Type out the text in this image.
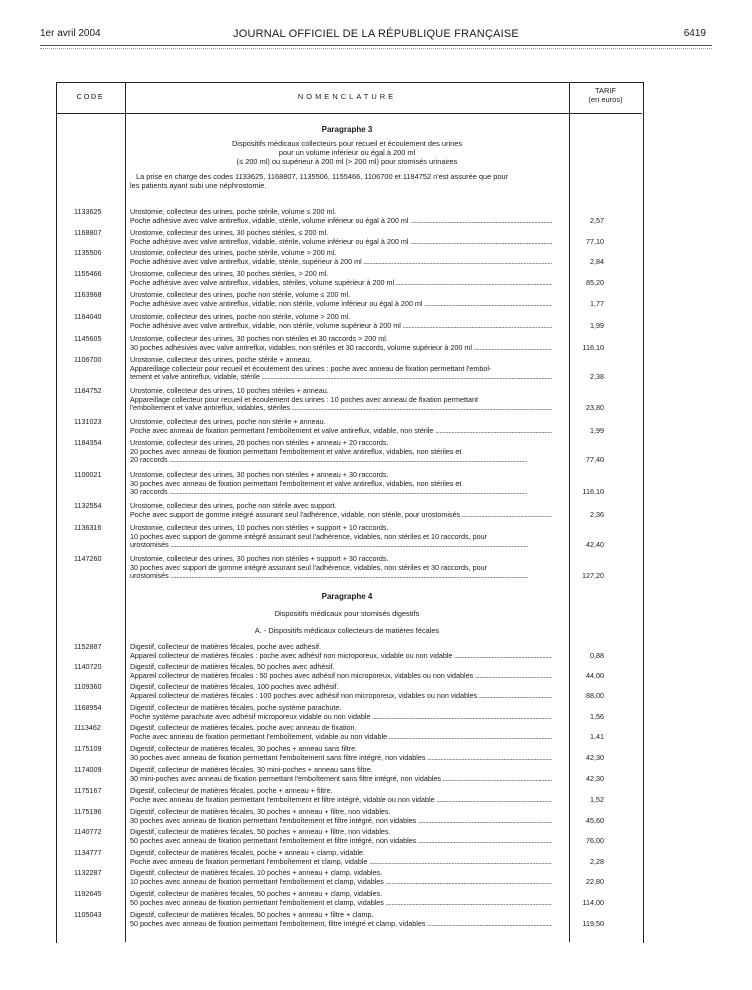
1er avril 2004	JOURNAL OFFICIEL DE LA RÉPUBLIQUE FRANÇAISE	6419
CODE	NOMENCLATURE
TARIF
(en euros)
Paragraphe 3
Dispositifs médicaux collecteurs pour recueil et écoulement des urines
pour un volume inférieur ou égal à 200 ml
(≤ 200 ml) ou supérieur à 200 ml (> 200 ml) pour stomisés urinaires
La prise en charge des codes 1133625, 1168807, 1135506, 1155466, 1106700 et 1184752 n'est assurée que pour
les patients ayant subi une néphrostomie.
Paragraphe 4
Dispositifs médicaux pour stomisés digestifs
A. - Dispositifs médicaux collecteurs de matières fécales
1133625	Urostomie, collecteur des urines, poche stérile, volume ≤ 200 ml.
Poche adhésive avec valve antireflux, vidable, stérile, volume inférieur ou égal à 200 ml .....	2,57
1168807	Urostomie, collecteur des urines, 30 poches stériles, ≤ 200 ml.
Poche adhésive avec valve antireflux, vidable, stérile, volume inférieur ou égal à 200 ml .....	77,10
1135506	Urostomie, collecteur des urines, poche stérile, volume > 200 ml.
Poche adhésive avec valve antireflux, vidable, stérile, supérieur à 200 ml .....	2,84
1155466	Urostomie, collecteur des urines, 30 poches stériles, > 200 ml.
Poche adhésive avec valve antireflux, vidables, stériles, volume supérieur à 200 ml .....	85,20
1163968	Urostomie, collecteur des urines, poche non stérile, volume ≤ 200 ml.
Poche adhésive avec valve antireflux, vidable, non stérile, volume inférieur ou égal à 200 ml .....	1,77
1164040	Urostomie, collecteur des urines, poche non stérile, volume > 200 ml.
Poche adhésive avec valve antireflux, vidable, non stérile, volume supérieur à 200 ml .....	1,99
1145605	Urostomie, collecteur des urines, 30 poches non stériles et 30 raccords > 200 ml.
30 poches adhésives avec valve antireflux, vidables, non stériles et 30 raccords, volume supérieur à 200 ml .....	116,10
1106700	Urostomie, collecteur des urines, poche stérile + anneau.
Appareillage collecteur pour recueil et écoulement des urines : poche avec anneau de fixation permettant l'embol-
tement et valve antireflux, vidable, stérile .....	2,38
1184752	Urostomie, collecteur des urines, 10 poches stériles + anneau.
Appareillage collecteur pour recueil et écoulement des urines : 10 poches avec anneau de fixation permettant
l'emboîtement et valve antireflux, vidables, stériles .....	23,80
1131023	Urostomie, collecteur des urines, poche non stérile + anneau.
Poche avec anneau de fixation permettant l'emboîtement et valve antireflux, vidable, non stérile .....	1,99
1184354	Urostomie, collecteur des urines, 20 poches non stériles + anneau + 20 raccords.
20 poches avec anneau de fixation permettant l'emboîtement et valve antireflux, vidables, non stériles et
20 raccords .....	77,40
1100021	Urostomie, collecteur des urines, 30 poches non stériles + anneau + 30 raccords.
30 poches avec anneau de fixation permettant l'emboîtement et valve antireflux, vidables, non stériles et
30 raccords .....	116,10
1132554	Urostomie, collecteur des urines, poche non stérile avec support.
Poche avec support de gomme intégré assurant seul l'adhérence, vidable, non stérile, pour urostomisés .....	2,36
1136316	Urostomie, collecteur des urines, 10 poches non stériles + support + 10 raccords.
10 poches avec support de gomme intégré assurant seul l'adhérence, vidables, non stériles et 10 raccords, pour
urostomisés .....	42,40
1147260	Urostomie, collecteur des urines, 30 poches non stériles + support + 30 raccords.
30 poches avec support de gomme intégré assurant seul l'adhérence, vidables, non stériles et 30 raccords, pour
urostomisés .....	127,20
1152887	Digestif, collecteur de matières fécales, poche avec adhésif.
Appareil collecteur de matières fécales : poche avec adhésif non microporeux, vidable ou non vidable .....	0,88
1140720	Digestif, collecteur de matières fécales, 50 poches avec adhésif.
Appareil collecteur de matières fécales : 50 poches avec adhésif non microporeux, vidables ou non vidables .....	44,00
1109360	Digestif, collecteur de matières fécales, 100 poches avec adhésif.
Appareil collecteur de matières fécales : 100 poches avec adhésif non microporeux, vidables ou non vidables .....	88,00
1168954	Digestif, collecteur de matières fécales, poche système parachute.
Poche système parachute avec adhésif microporeux vidable ou non vidable .....	1,56
1113462	Digestif, collecteur de matières fécales, poche avec anneau de fixation.
Poche avec anneau de fixation permettant l'emboîtement, vidable ou non vidable .....	1,41
1175109	Digestif, collecteur de matières fécales, 30 poches + anneau sans filtre.
30 poches avec anneau de fixation permettant l'emboîtement sans filtre intégré, non vidables .....	42,30
1174009	Digestif, collecteur de matières fécales, 30 mini-poches + anneau sans filtre.
30 mini-poches avec anneau de fixation permettant l'emboîtement sans filtre intégré, non vidables .....	42,30
1175167	Digestif, collecteur de matières fécales, poche + anneau + filtre.
Poche avec anneau de fixation permettant l'emboîtement et filtre intégré, vidable ou non vidable .....	1,52
1175196	Digestif, collecteur de matières fécales, 30 poches + anneau + filtre, non vidables.
30 poches avec anneau de fixation permettant l'emboîtement et filtre intégré, non vidables .....	45,60
1140772	Digestif, collecteur de matières fécales, 50 poches + anneau + filtre, non vidables.
50 poches avec anneau de fixation permettant l'emboîtement et filtre intégré, non vidables .....	76,00
1134777	Digestif, collecteur de matières fécales, poche + anneau + clamp, vidable.
Poche avec anneau de fixation permettant l'emboîtement et clamp, vidable .....	2,28
1132287	Digestif, collecteur de matières fécales, 10 poches + anneau + clamp, vidables.
10 poches avec anneau de fixation permettant l'emboîtement et clamp, vidables .....	22,80
1192645	Digestif, collecteur de matières fécales, 50 poches + anneau + clamp, vidables.
50 poches avec anneau de fixation permettant l'emboîtement et clamp, vidables .....	114,00
1105043	Digestif, collecteur de matières fécales, 50 poches + anneau + filtre + clamp.
50 poches avec anneau de fixation permettant l'emboîtement, filtre intégré et clamp, vidables .....	119,50
